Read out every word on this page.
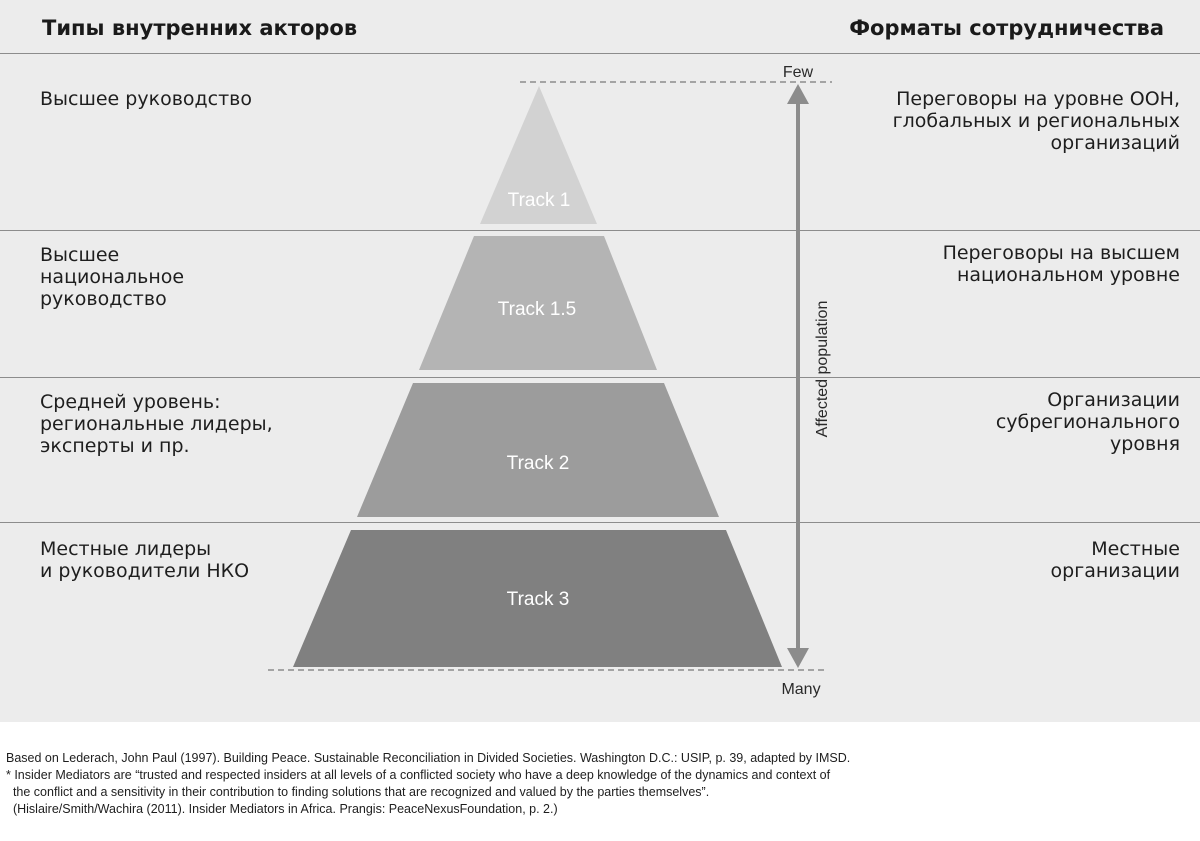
Типы внутренних акторов	Форматы сотрудничества
Высшее руководство
Высшее
национальное
руководство
Средней уровень:
региональные лидеры,
эксперты и пр.
Местные лидеры
и руководители НКО
Переговоры на уровне ООН,
глобальных и региональных
организаций
Переговоры на высшем
национальном уровне
Организации
субрегионального
уровня
Местные
организации
Track 1
Track 1.5
Track 2
Track 3
Few
Many
Affected population
Based on Lederach, John Paul (1997). Building Peace. Sustainable Reconciliation in Divided Societies. Washington D.C.: USIP, p. 39, adapted by IMSD.
* Insider Mediators are “trusted and respected insiders at all levels of a conflicted society who have a deep knowledge of the dynamics and context of
the conflict and a sensitivity in their contribution to finding solutions that are recognized and valued by the parties themselves”.
(Hislaire/Smith/Wachira (2011). Insider Mediators in Africa. Prangis: PeaceNexusFoundation, p. 2.)
